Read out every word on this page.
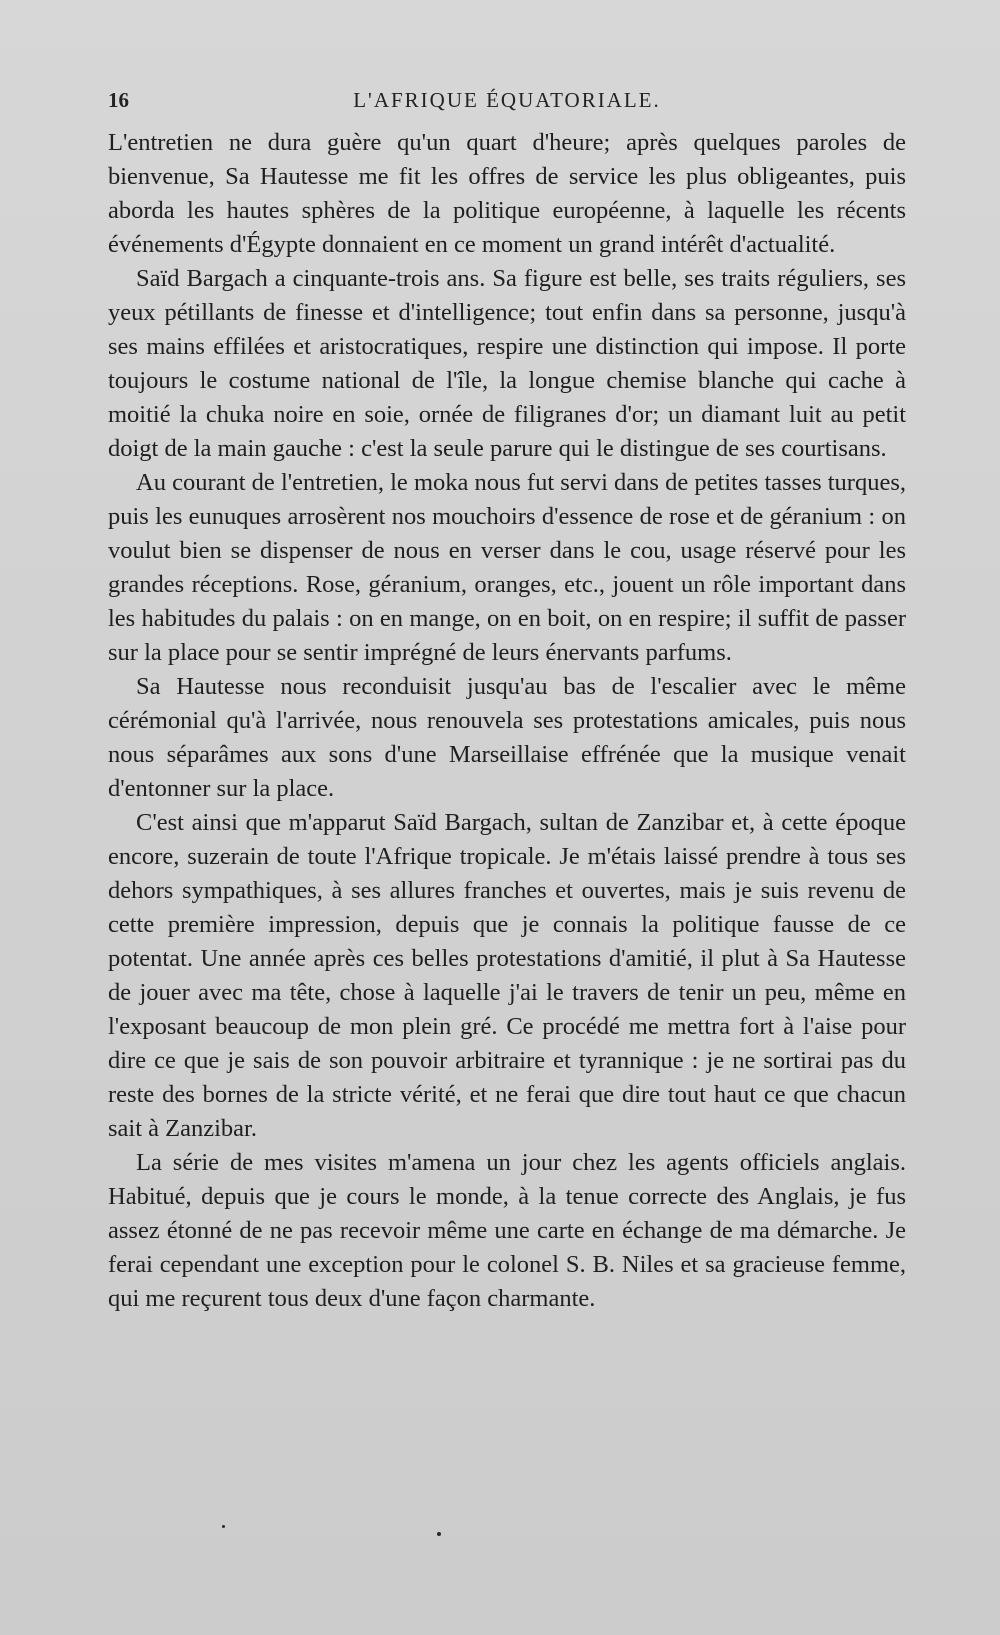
16	L'AFRIQUE ÉQUATORIALE.

L'entretien ne dura guère qu'un quart d'heure; après quelques paroles de bienvenue, Sa Hautesse me fit les offres de service les plus obligeantes, puis aborda les hautes sphères de la politique européenne, à laquelle les récents événements d'Égypte donnaient en ce moment un grand intérêt d'actualité.

Saïd Bargach a cinquante-trois ans. Sa figure est belle, ses traits réguliers, ses yeux pétillants de finesse et d'intelligence; tout enfin dans sa personne, jusqu'à ses mains effilées et aristocratiques, respire une distinction qui impose. Il porte toujours le costume national de l'île, la longue chemise blanche qui cache à moitié la chuka noire en soie, ornée de filigranes d'or; un diamant luit au petit doigt de la main gauche : c'est la seule parure qui le distingue de ses courtisans.

Au courant de l'entretien, le moka nous fut servi dans de petites tasses turques, puis les eunuques arrosèrent nos mouchoirs d'essence de rose et de géranium : on voulut bien se dispenser de nous en verser dans le cou, usage réservé pour les grandes réceptions. Rose, géranium, oranges, etc., jouent un rôle important dans les habitudes du palais : on en mange, on en boit, on en respire; il suffit de passer sur la place pour se sentir imprégné de leurs énervants parfums.

Sa Hautesse nous reconduisit jusqu'au bas de l'escalier avec le même cérémonial qu'à l'arrivée, nous renouvela ses protestations amicales, puis nous nous séparâmes aux sons d'une Marseillaise effrénée que la musique venait d'entonner sur la place.

C'est ainsi que m'apparut Saïd Bargach, sultan de Zanzibar et, à cette époque encore, suzerain de toute l'Afrique tropicale. Je m'étais laissé prendre à tous ses dehors sympathiques, à ses allures franches et ouvertes, mais je suis revenu de cette première impression, depuis que je connais la politique fausse de ce potentat. Une année après ces belles protestations d'amitié, il plut à Sa Hautesse de jouer avec ma tête, chose à laquelle j'ai le travers de tenir un peu, même en l'exposant beaucoup de mon plein gré. Ce procédé me mettra fort à l'aise pour dire ce que je sais de son pouvoir arbitraire et tyrannique : je ne sortirai pas du reste des bornes de la stricte vérité, et ne ferai que dire tout haut ce que chacun sait à Zanzibar.

La série de mes visites m'amena un jour chez les agents officiels anglais. Habitué, depuis que je cours le monde, à la tenue correcte des Anglais, je fus assez étonné de ne pas recevoir même une carte en échange de ma démarche. Je ferai cependant une exception pour le colonel S. B. Niles et sa gracieuse femme, qui me reçurent tous deux d'une façon charmante.
